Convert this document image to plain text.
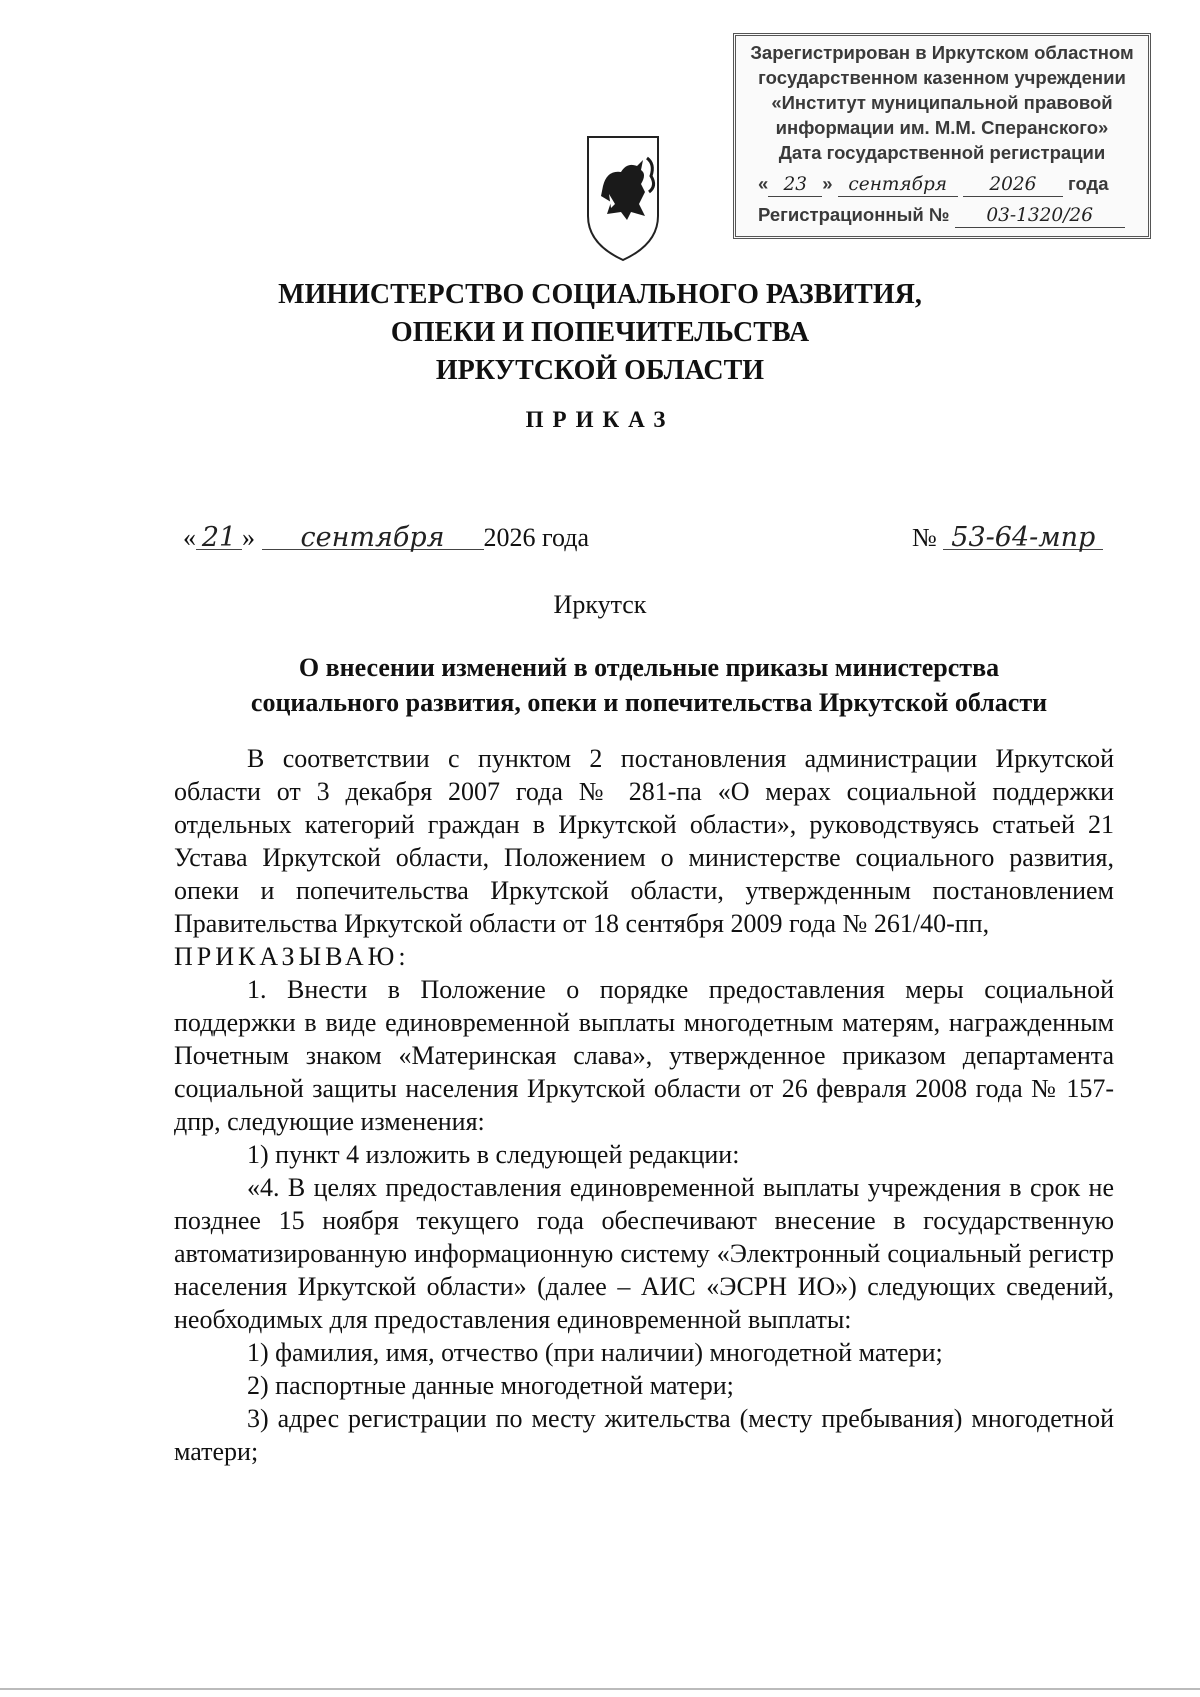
Зарегистрирован в Иркутском областном
государственном казенном учреждении
«Институт муниципальной правовой
информации им. М.М. Сперанского»
Дата государственной регистрации
« 23 » сентября 2026 года
Регистрационный № 03-1320/26
МИНИСТЕРСТВО СОЦИАЛЬНОГО РАЗВИТИЯ,
ОПЕКИ И ПОПЕЧИТЕЛЬСТВА
ИРКУТСКОЙ ОБЛАСТИ
ПРИКАЗ
« 21 » сентября 2026 года	№ 53-64-мпр
Иркутск
О внесении изменений в отдельные приказы министерства
социального развития, опеки и попечительства Иркутской области

В соответствии с пунктом 2 постановления администрации Иркутской области от 3 декабря 2007 года № 281-па «О мерах социальной поддержки отдельных категорий граждан в Иркутской области», руководствуясь статьей 21 Устава Иркутской области, Положением о министерстве социального развития, опеки и попечительства Иркутской области, утвержденным постановлением Правительства Иркутской области от 18 сентября 2009 года № 261/40-пп,

ПРИКАЗЫВАЮ:

1. Внести в Положение о порядке предоставления меры социальной поддержки в виде единовременной выплаты многодетным матерям, награжденным Почетным знаком «Материнская слава», утвержденное приказом департамента социальной защиты населения Иркутской области от 26 февраля 2008 года № 157-дпр, следующие изменения:

1) пункт 4 изложить в следующей редакции:

«4. В целях предоставления единовременной выплаты учреждения в срок не позднее 15 ноября текущего года обеспечивают внесение в государственную автоматизированную информационную систему «Электронный социальный регистр населения Иркутской области» (далее – АИС «ЭСРН ИО») следующих сведений, необходимых для предоставления единовременной выплаты:

1) фамилия, имя, отчество (при наличии) многодетной матери;

2) паспортные данные многодетной матери;

3) адрес регистрации по месту жительства (месту пребывания) многодетной матери;
